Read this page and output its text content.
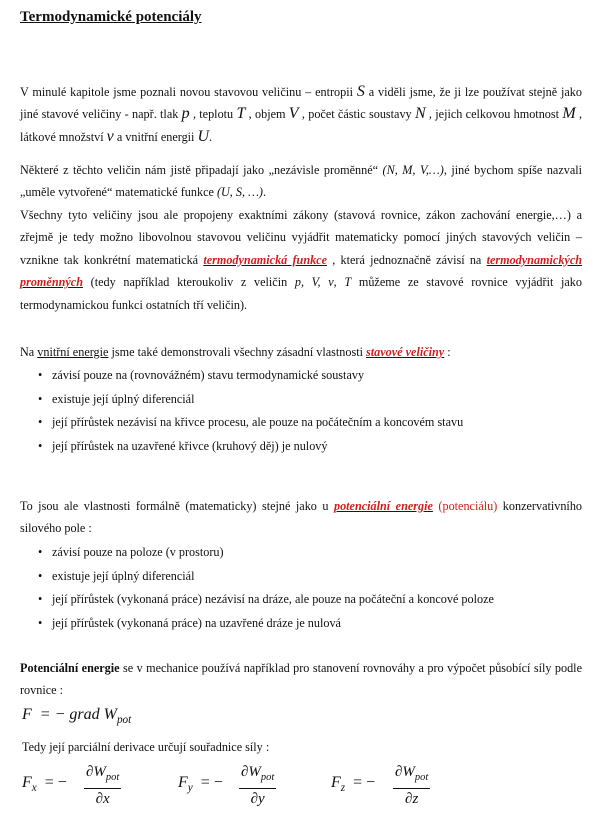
Termodynamické potenciály
V minulé kapitole jsme poznali novou stavovou veličinu – entropii S a viděli jsme, že ji lze používat stejně jako jiné stavové veličiny - např. tlak p , teplotu T , objem V , počet částic soustavy N , jejich celkovou hmotnost M , látkové množství ν a vnitřní energii U.
Některé z těchto veličin nám jistě připadají jako „nezávisle proměnné“ (N, M, V,…), jiné bychom spíše nazvali „uměle vytvořené“ matematické funkce (U, S, …).
Všechny tyto veličiny jsou ale propojeny exaktními zákony (stavová rovnice, zákon zachování energie,…) a zřejmě je tedy možno libovolnou stavovou veličinu vyjádřit matematicky pomocí jiných stavových veličin – vznikne tak konkrétní matematická termodynamická funkce , která jednoznačně závisí na termodynamických proměnných (tedy například kteroukoliv z veličin p, V, ν, T můžeme ze stavové rovnice vyjádřit jako termodynamickou funkci ostatních tří veličin).
Na vnitřní energie jsme také demonstrovali všechny zásadní vlastnosti stavové veličiny :
• závisí pouze na (rovnovážném) stavu termodynamické soustavy
• existuje její úplný diferenciál
• její přírůstek nezávisí na křivce procesu, ale pouze na počátečním a koncovém stavu
• její přírůstek na uzavřené křivce (kruhový děj) je nulový
To jsou ale vlastnosti formálně (matematicky) stejné jako u potenciální energie (potenciálu) konzervativního silového pole :
• závisí pouze na poloze (v prostoru)
• existuje její úplný diferenciál
• její přírůstek (vykonaná práce) nezávisí na dráze, ale pouze na počáteční a koncové poloze
• její přírůstek (vykonaná práce) na uzavřené dráze je nulová
Potenciální energie se v mechanice používá například pro stanovení rovnováhy a pro výpočet působící síly podle rovnice :
F = − grad $W_{pot}$
Tedy její parciální derivace určují souřadnice síly :
$F_x$ = −
$\partial W_{pot}$
∂x
$F_y$ = −
$\partial W_{pot}$
∂y
$F_z$ = −
$\partial W_{pot}$
∂z
